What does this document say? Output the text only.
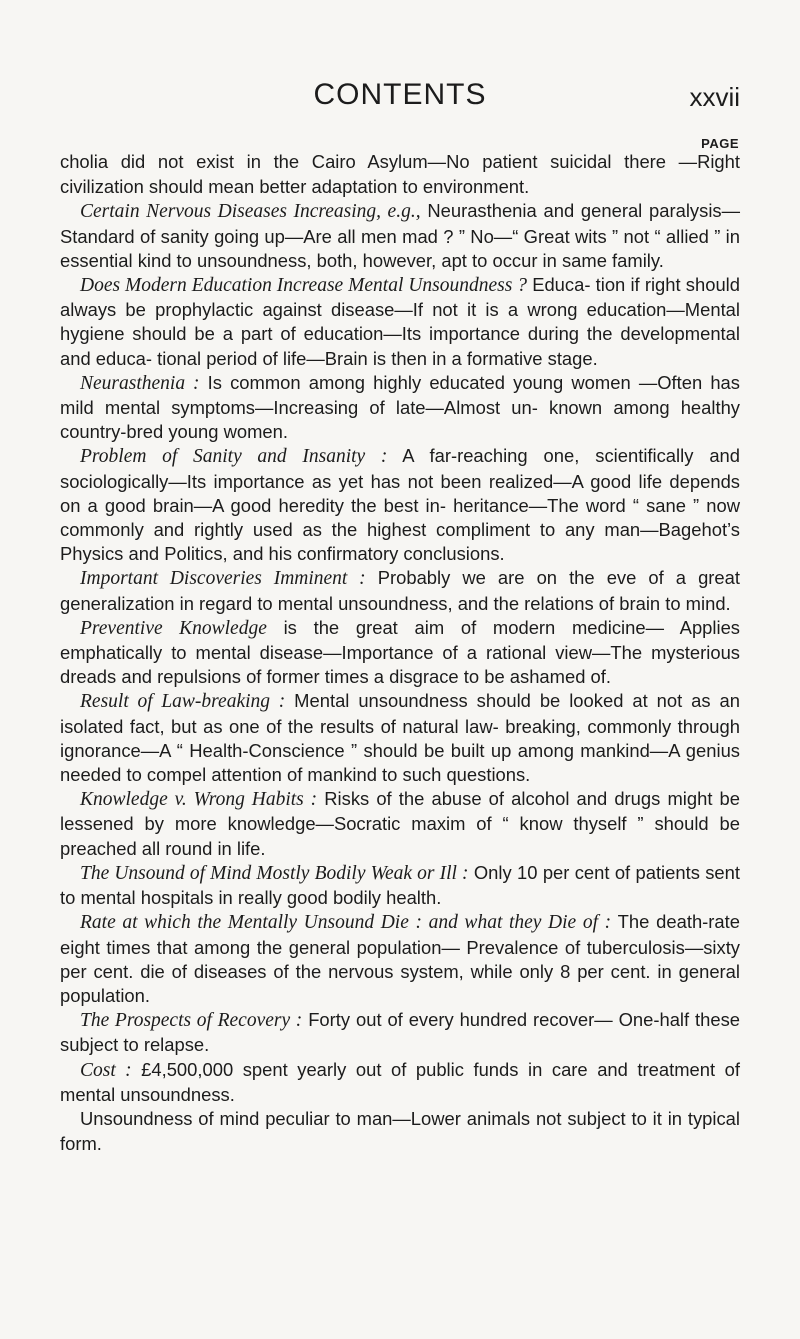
CONTENTS	xxvii
PAGE

cholia did not exist in the Cairo Asylum—No patient suicidal there —Right civilization should mean better adaptation to environment.

Certain Nervous Diseases Increasing, e.g., Neurasthenia and general paralysis—Standard of sanity going up—Are all men mad ? ” No—“ Great wits ” not “ allied ” in essential kind to unsoundness, both, however, apt to occur in same family.

Does Modern Education Increase Mental Unsoundness ? Educa- tion if right should always be prophylactic against disease—If not it is a wrong education—Mental hygiene should be a part of education—Its importance during the developmental and educa- tional period of life—Brain is then in a formative stage.

Neurasthenia : Is common among highly educated young women —Often has mild mental symptoms—Increasing of late—Almost un- known among healthy country-bred young women.

Problem of Sanity and Insanity : A far-reaching one, scientifically and sociologically—Its importance as yet has not been realized—A good life depends on a good brain—A good heredity the best in- heritance—The word “ sane ” now commonly and rightly used as the highest compliment to any man—Bagehot’s Physics and Politics, and his confirmatory conclusions.

Important Discoveries Imminent : Probably we are on the eve of a great generalization in regard to mental unsoundness, and the relations of brain to mind.

Preventive Knowledge is the great aim of modern medicine— Applies emphatically to mental disease—Importance of a rational view—The mysterious dreads and repulsions of former times a disgrace to be ashamed of.

Result of Law-breaking : Mental unsoundness should be looked at not as an isolated fact, but as one of the results of natural law- breaking, commonly through ignorance—A “ Health-Conscience ” should be built up among mankind—A genius needed to compel attention of mankind to such questions.

Knowledge v. Wrong Habits : Risks of the abuse of alcohol and drugs might be lessened by more knowledge—Socratic maxim of “ know thyself ” should be preached all round in life.

The Unsound of Mind Mostly Bodily Weak or Ill : Only 10 per cent of patients sent to mental hospitals in really good bodily health.

Rate at which the Mentally Unsound Die : and what they Die of : The death-rate eight times that among the general population— Prevalence of tuberculosis—sixty per cent. die of diseases of the nervous system, while only 8 per cent. in general population.

The Prospects of Recovery : Forty out of every hundred recover— One-half these subject to relapse.

Cost : £4,500,000 spent yearly out of public funds in care and treatment of mental unsoundness.

Unsoundness of mind peculiar to man—Lower animals not subject to it in typical form.
